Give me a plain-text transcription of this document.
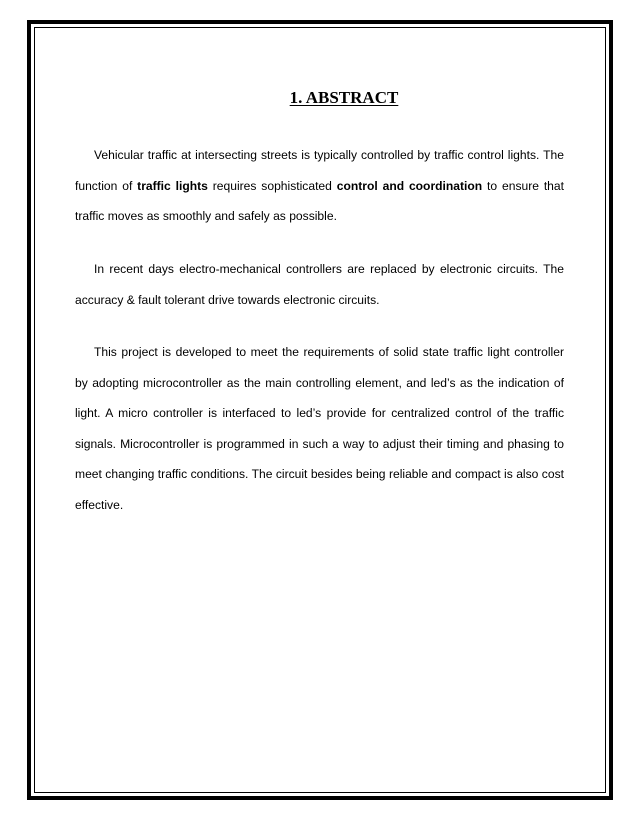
1. ABSTRACT

Vehicular traffic at intersecting streets is typically controlled by traffic control lights. The function of traffic lights requires sophisticated control and coordination to ensure that traffic moves as smoothly and safely as possible.

In recent days electro-mechanical controllers are replaced by electronic circuits. The accuracy & fault tolerant drive towards electronic circuits.

This project is developed to meet the requirements of solid state traffic light controller by adopting microcontroller as the main controlling element, and led’s as the indication of light. A micro controller is interfaced to led’s provide for centralized control of the traffic signals. Microcontroller is programmed in such a way to adjust their timing and phasing to meet changing traffic conditions. The circuit besides being reliable and compact is also cost effective.
